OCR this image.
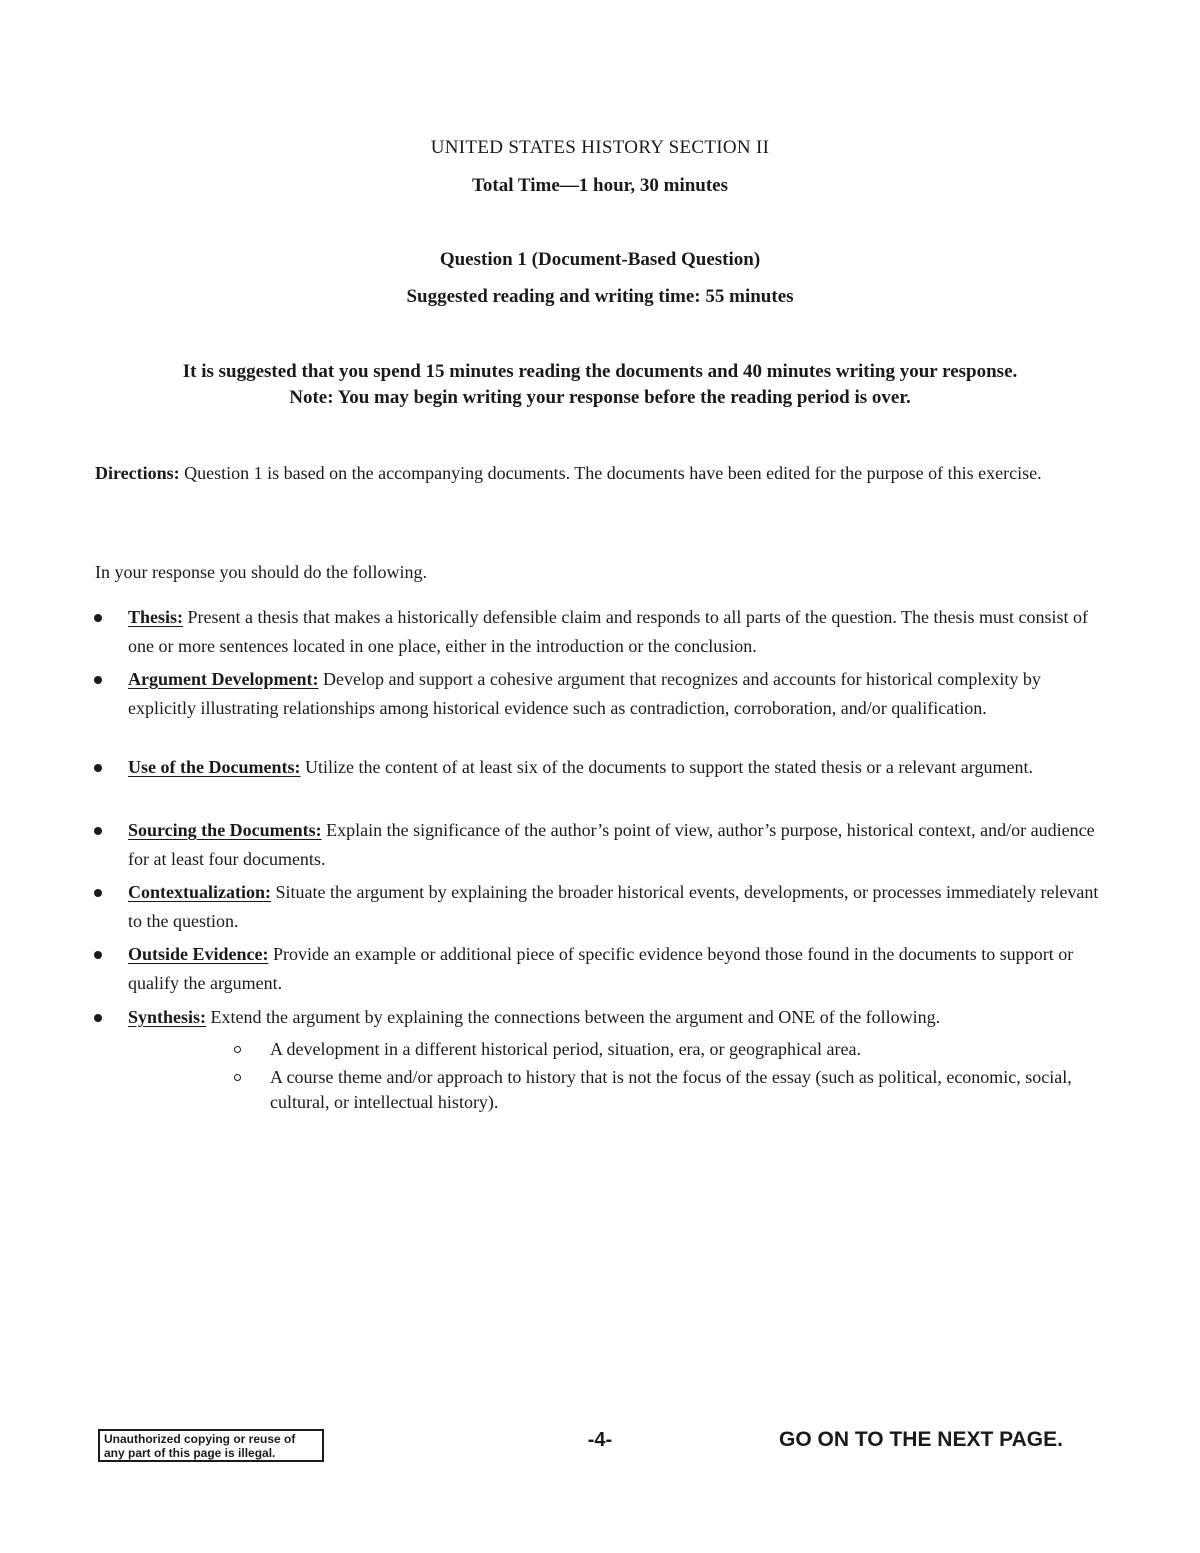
UNITED STATES HISTORY SECTION II
Total Time—1 hour, 30 minutes
Question 1 (Document-Based Question)
Suggested reading and writing time: 55 minutes
It is suggested that you spend 15 minutes reading the documents and 40 minutes writing your response.
Note: You may begin writing your response before the reading period is over.
Directions: Question 1 is based on the accompanying documents. The documents have been edited for the purpose of this exercise.
In your response you should do the following.
Thesis: Present a thesis that makes a historically defensible claim and responds to all parts of the question. The thesis must consist of one or more sentences located in one place, either in the introduction or the conclusion.
Argument Development: Develop and support a cohesive argument that recognizes and accounts for historical complexity by explicitly illustrating relationships among historical evidence such as contradiction, corroboration, and/or qualification.
Use of the Documents: Utilize the content of at least six of the documents to support the stated thesis or a relevant argument.
Sourcing the Documents: Explain the significance of the author’s point of view, author’s purpose, historical context, and/or audience for at least four documents.
Contextualization: Situate the argument by explaining the broader historical events, developments, or processes immediately relevant to the question.
Outside Evidence: Provide an example or additional piece of specific evidence beyond those found in the documents to support or qualify the argument.
Synthesis: Extend the argument by explaining the connections between the argument and ONE of the following.
A development in a different historical period, situation, era, or geographical area.
A course theme and/or approach to history that is not the focus of the essay (such as political, economic, social, cultural, or intellectual history).
Unauthorized copying or reuse of any part of this page is illegal.
-4-	GO ON TO THE NEXT PAGE.
